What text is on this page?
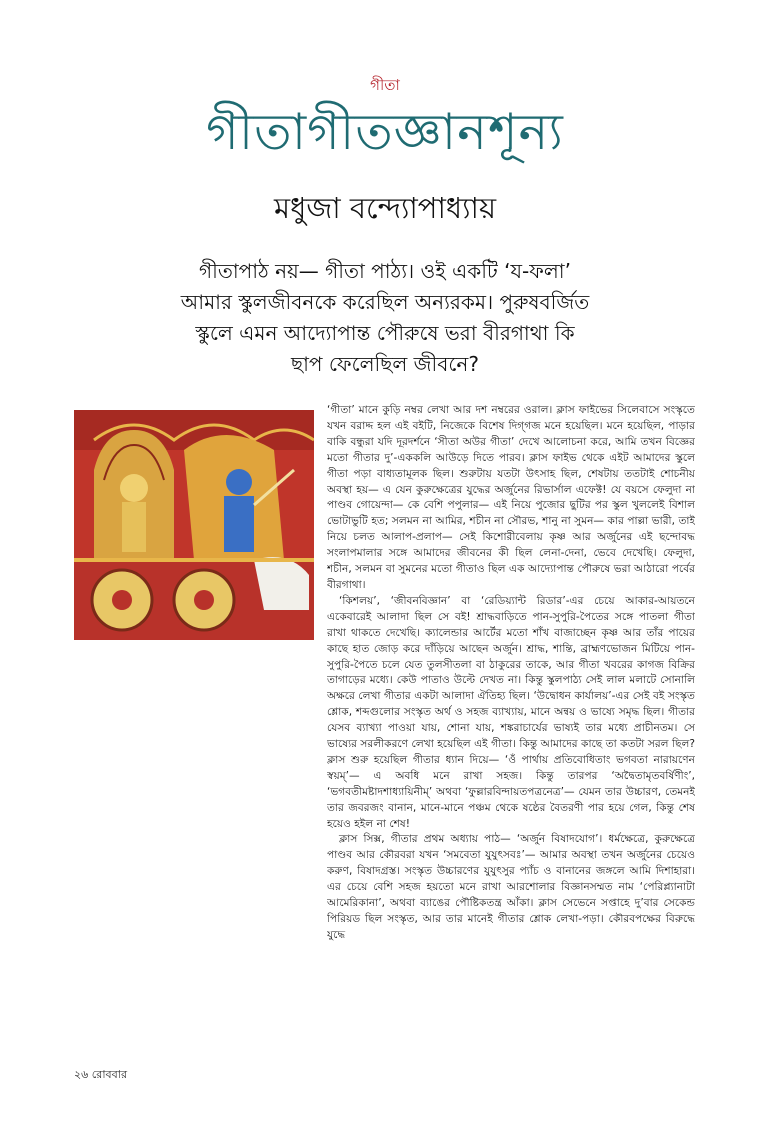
গীতা
গীতাগীতজ্ঞানশূন্য
মধুজা বন্দ্যোপাধ্যায়
গীতাপাঠ নয়— গীতা পাঠ্য। ওই একটি ‘য-ফলা’
আমার স্কুলজীবনকে করেছিল অন্যরকম। পুরুষবর্জিত
স্কুলে এমন আদ্যোপান্ত পৌরুষে ভরা বীরগাথা কি
ছাপ ফেলেছিল জীবনে?

‘গীতা’ মানে কুড়ি নম্বর লেখা আর দশ নম্বরের ওরাল। ক্লাস ফাইভের সিলেবাসে সংস্কৃতে যখন বরাদ্দ হল এই বইটি, নিজেকে বিশেষ দিগ্‌গজ মনে হয়েছিল। মনে হয়েছিল, পাড়ার বাকি বন্ধুরা যদি দূরদর্শনে ‘সীতা অউর গীতা’ দেখে আলোচনা করে, আমি তখন বিজ্ঞের মতো গীতার দু’-এককলি আউড়ে দিতে পারব। ক্লাস ফাইভ থেকে এইট আমাদের স্কুলে গীতা পড়া বাধ্যতামূলক ছিল। শুরুটায় যতটা উৎসাহ ছিল, শেষটায় ততটাই শোচনীয় অবস্থা হয়— এ যেন কুরুক্ষেত্রের যুদ্ধের অর্জুনের রিভার্সাল এফেক্ট! যে বয়সে ফেলুদা না পাণ্ডব গোয়েন্দা— কে বেশি পপুলার— এই নিয়ে পুজোর ছুটির পর স্কুল খুললেই বিশাল ভোটাভুটি হত; সলমন না আমির, শচীন না সৌরভ, শানু না সুমন— কার পাল্লা ভারী, তাই নিয়ে চলত আলাপ-প্রলাপ— সেই কিশোরীবেলায় কৃষ্ণ আর অর্জুনের এই ছন্দোবদ্ধ সংলাপমালার সঙ্গে আমাদের জীবনের কী ছিল লেনা-দেনা, ভেবে দেখেছি। ফেলুদা, শচীন, সলমন বা সুমনের মতো গীতাও ছিল এক আদ্যোপান্ত পৌরুষে ভরা আঠারো পর্বের বীরগাথা।

‘কিশলয়’, ‘জীবনবিজ্ঞান’ বা ‘রেডিয়্যান্ট রিডার’-এর চেয়ে আকার-আয়তনে একেবারেই আলাদা ছিল সে বই! শ্রাদ্ধবাড়িতে পান-সুপুরি-পৈতের সঙ্গে পাতলা গীতা রাখা থাকতে দেখেছি। ক্যালেন্ডার আর্টের মতো শাঁখ বাজাচ্ছেন কৃষ্ণ আর তাঁর পায়ের কাছে হাত জোড় করে দাঁড়িয়ে আছেন অর্জুন। শ্রাদ্ধ, শান্তি, ব্রাহ্মণভোজন মিটিয়ে পান-সুপুরি-পৈতে চলে যেত তুলসীতলা বা ঠাকুরের তাকে, আর গীতা খবরের কাগজ বিক্রির তাগাড়ের মধ্যে। কেউ পাতাও উল্টে দেখত না। কিন্তু স্কুলপাঠ্য সেই লাল মলাটে সোনালি অক্ষরে লেখা গীতার একটা আলাদা ঐতিহ্য ছিল। ‘উদ্বোধন কার্যালয়’-এর সেই বই সংস্কৃত শ্লোক, শব্দগুলোর সংস্কৃত অর্থ ও সহজ ব্যাখ্যায়, মানে অন্বয় ও ভাষ্যে সমৃদ্ধ ছিল। গীতার যেসব ব্যাখ্যা পাওয়া যায়, শোনা যায়, শঙ্করাচার্যের ভাষ্যই তার মধ্যে প্রাচীনতম। সে ভাষ্যের সরলীকরণে লেখা হয়েছিল এই গীতা। কিন্তু আমাদের কাছে তা কতটা সরল ছিল? ক্লাস শুরু হয়েছিল গীতার ধ্যান দিয়ে— ‘ওঁ পার্থায় প্রতিবোধিতাং ভগবতা নারায়ণেন স্বয়ম্’— এ অবধি মনে রাখা সহজ। কিন্তু তারপর ‘অদ্বৈতামৃতবর্ষিণীং’, ‘ভগবতীমষ্টাদশাধ্যায়িনীম্’ অথবা ‘ফুল্লারবিন্দায়তপত্রনেত্র’— যেমন তার উচ্চারণ, তেমনই তার জবরজং বানান, মানে-মানে পঞ্চম থেকে ষষ্ঠের বৈতরণী পার হয়ে গেল, কিন্তু শেষ হয়েও হইল না শেষ!

ক্লাস সিক্স, গীতার প্রথম অধ্যায় পাঠ— ‘অর্জুন বিষাদযোগ’। ধর্মক্ষেত্রে, কুরুক্ষেত্রে পাণ্ডব আর কৌরবরা যখন ‘সমবেতা যুযুৎসবঃ’— আমার অবস্থা তখন অর্জুনের চেয়েও করুণ, বিষাদগ্রস্ত। সংস্কৃত উচ্চারণের যুযুৎসুর প্যাঁচ ও বানানের জঙ্গলে আমি দিশাহারা। এর চেয়ে বেশি সহজ হয়তো মনে রাখা আরশোলার বিজ্ঞানসম্মত নাম ‘পেরিপ্ল্যানাটা আমেরিকানা’, অথবা ব্যাঙের পৌষ্টিকতন্ত্র আঁকা। ক্লাস সেভেনে সপ্তাহে দু’বার সেকেন্ড পিরিয়ড ছিল সংস্কৃত, আর তার মানেই গীতার শ্লোক লেখা-পড়া। কৌরবপক্ষের বিরুদ্ধে যুদ্ধে

২৬ রোববার
